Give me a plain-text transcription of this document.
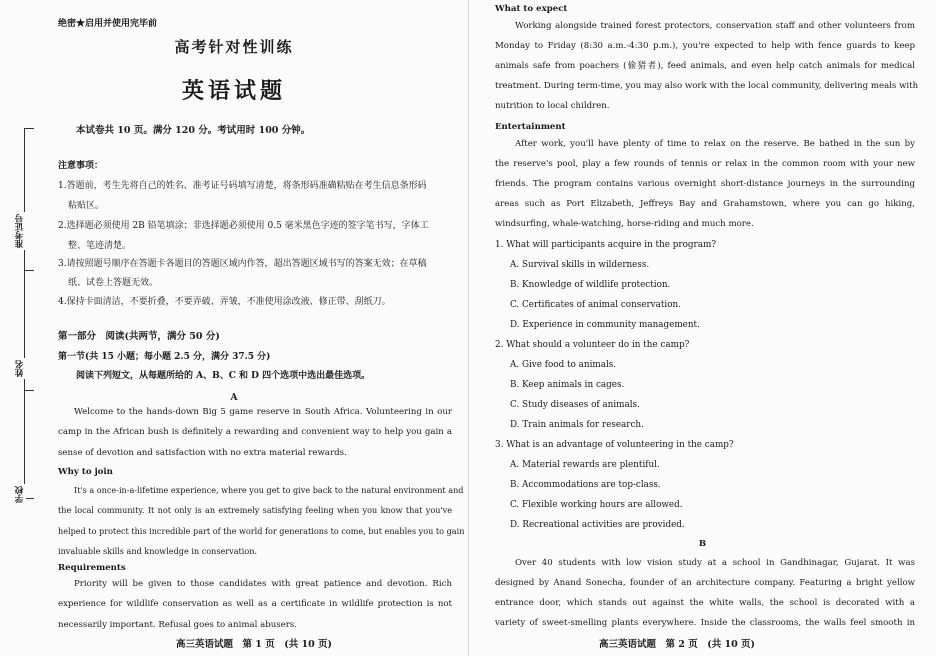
准考证号
姓名
学校
绝密★启用并使用完毕前
高考针对性训练
英语试题
本试卷共 10 页。满分 120 分。考试用时 100 分钟。
注意事项：
1.答题前，考生先将自己的姓名、准考证号码填写清楚，将条形码准确粘贴在考生信息条形码
粘贴区。
2.选择题必须使用 2B 铅笔填涂；非选择题必须使用 0.5 毫米黑色字迹的签字笔书写，字体工
整、笔迹清楚。
3.请按照题号顺序在答题卡各题目的答题区域内作答，超出答题区域书写的答案无效；在草稿
纸、试卷上答题无效。
4.保持卡面清洁，不要折叠，不要弄破、弄皱，不准使用涂改液、修正带、刮纸刀。
第一部分　阅读(共两节，满分 50 分)
第一节(共 15 小题；每小题 2.5 分，满分 37.5 分)
阅读下列短文，从每题所给的 A、B、C 和 D 四个选项中选出最佳选项。
A
Welcome to the hands-down Big 5 game reserve in South Africa. Volunteering in our
camp in the African bush is definitely a rewarding and convenient way to help you gain a
sense of devotion and satisfaction with no extra material rewards.
Why to join
It's a once-in-a-lifetime experience, where you get to give back to the natural environment and
the local community. It not only is an extremely satisfying feeling when you know that you've
helped to protect this incredible part of the world for generations to come, but enables you to gain
invaluable skills and knowledge in conservation.
Requirements
Priority will be given to those candidates with great patience and devotion. Rich
experience for wildlife conservation as well as a certificate in wildlife protection is not
necessarily important. Refusal goes to animal abusers.
高三英语试题　第 1 页　(共 10 页)
What to expect
Working alongside trained forest protectors, conservation staff and other volunteers from
Monday to Friday (8:30 a.m.-4:30 p.m.), you're expected to help with fence guards to keep
animals safe from poachers (偷猎者), feed animals, and even help catch animals for medical
treatment. During term-time, you may also work with the local community, delivering meals with
nutrition to local children.
Entertainment
After work, you'll have plenty of time to relax on the reserve. Be bathed in the sun by
the reserve's pool, play a few rounds of tennis or relax in the common room with your new
friends. The program contains various overnight short-distance journeys in the surrounding
areas such as Port Elizabeth, Jeffreys Bay and Grahamstown, where you can go hiking,
windsurfing, whale-watching, horse-riding and much more.
1. What will participants acquire in the program?
A. Survival skills in wilderness.
B. Knowledge of wildlife protection.
C. Certificates of animal conservation.
D. Experience in community management.
2. What should a volunteer do in the camp?
A. Give food to animals.
B. Keep animals in cages.
C. Study diseases of animals.
D. Train animals for research.
3. What is an advantage of volunteering in the camp?
A. Material rewards are plentiful.
B. Accommodations are top-class.
C. Flexible working hours are allowed.
D. Recreational activities are provided.
B
Over 40 students with low vision study at a school in Gandhinagar, Gujarat. It was
designed by Anand Sonecha, founder of an architecture company. Featuring a bright yellow
entrance door, which stands out against the white walls, the school is decorated with a
variety of sweet-smelling plants everywhere. Inside the classrooms, the walls feel smooth in
高三英语试题　第 2 页　(共 10 页)
